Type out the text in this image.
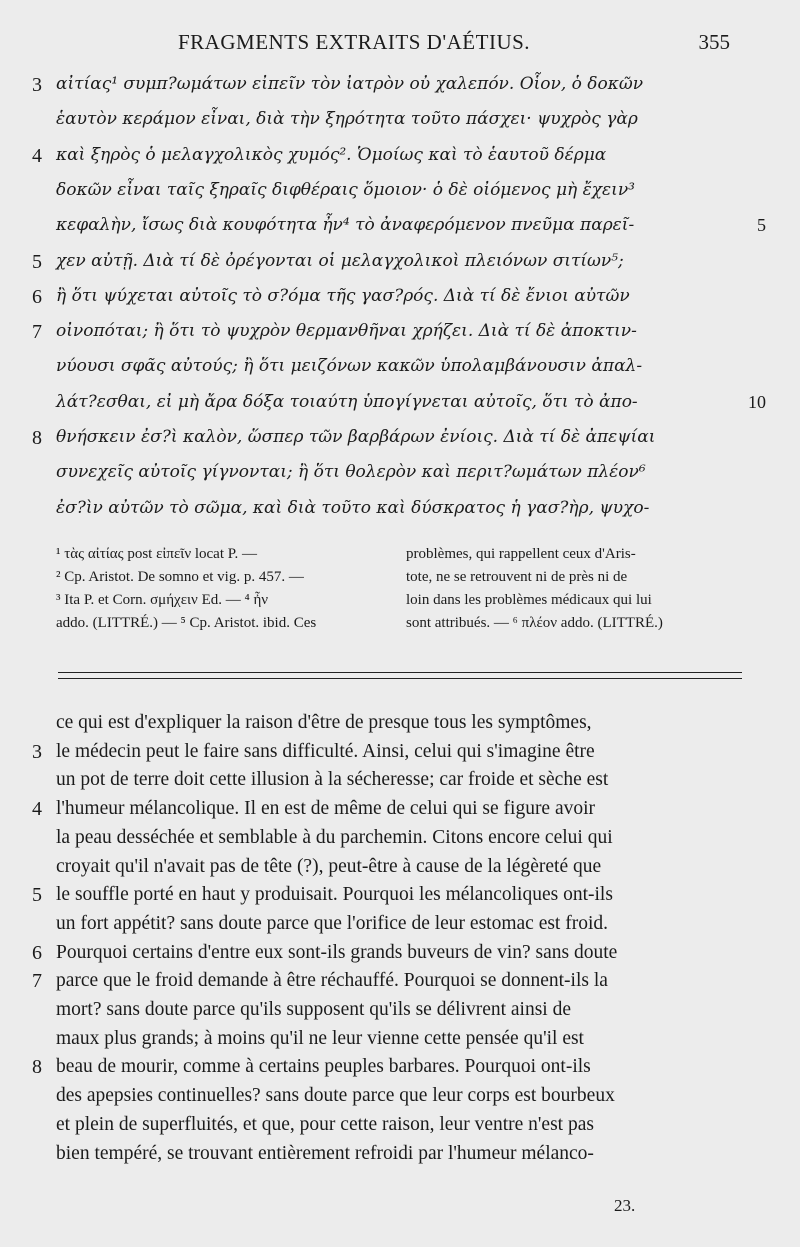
FRAGMENTS EXTRAITS D'AÉTIUS.	355
3 αἰτίας¹ συμπ?ωμάτων εἰπεῖν τὸν ἰατρὸν οὐ χαλεπόν. Οἷον, ὁ δοκῶν
ἑαυτὸν κεράμον εἶναι, διὰ τὴν ξηρότητα τοῦτο πάσχει· ψυχρὸς γὰρ
4 καὶ ξηρὸς ὁ μελαγχολικὸς χυμός². Ὁμοίως καὶ τὸ ἑαυτοῦ δέρμα
δοκῶν εἶναι ταῖς ξηραῖς διφθέραις ὅμοιον· ὁ δὲ οἰόμενος μὴ ἔχειν³
κεφαλὴν, ἴσως διὰ κουφότητα ἦν⁴ τὸ ἀναφερόμενον πνεῦμα παρεῖ-	5
5 χεν αὐτῇ. Διὰ τί δὲ ὀρέγονται οἱ μελαγχολικοὶ πλειόνων σιτίων⁵;
6 ἢ ὅτι ψύχεται αὐτοῖς τὸ σ?όμα τῆς γασ?ρός. Διὰ τί δὲ ἔνιοι αὐτῶν
7 οἰνοπόται; ἢ ὅτι τὸ ψυχρὸν θερμανθῆναι χρήζει. Διὰ τί δὲ ἀποκτιν-
νύουσι σφᾶς αὐτούς; ἢ ὅτι μειζόνων κακῶν ὑπολαμβάνουσιν ἀπαλ-
λάτ?εσθαι, εἰ μὴ ἄρα δόξα τοιαύτη ὑπογίγνεται αὐτοῖς, ὅτι τὸ ἀπο-	10
8 θνήσκειν ἐσ?ὶ καλὸν, ὥσπερ τῶν βαρβάρων ἐνίοις. Διὰ τί δὲ ἀπεψίαι
συνεχεῖς αὐτοῖς γίγνονται; ἢ ὅτι θολερὸν καὶ περιτ?ωμάτων πλέον⁶
ἐσ?ὶν αὐτῶν τὸ σῶμα, καὶ διὰ τοῦτο καὶ δύσκρατος ἡ γασ?ὴρ, ψυχο-
¹ τὰς αἰτίας post εἰπεῖν locat P. —
² Cp. Aristot. De somno et vig. p. 457. —
³ Ita P. et Corn. σμήχειν Ed. — ⁴ ἦν
addo. (LITTRÉ.) — ⁵ Cp. Aristot. ibid. Ces
problèmes, qui rappellent ceux d'Aris-
tote, ne se retrouvent ni de près ni de
loin dans les problèmes médicaux qui lui
sont attribués. — ⁶ πλέον addo. (LITTRÉ.)
ce qui est d'expliquer la raison d'être de presque tous les symptômes,
3 le médecin peut le faire sans difficulté. Ainsi, celui qui s'imagine être
un pot de terre doit cette illusion à la sécheresse; car froide et sèche est
4 l'humeur mélancolique. Il en est de même de celui qui se figure avoir
la peau desséchée et semblable à du parchemin. Citons encore celui qui
croyait qu'il n'avait pas de tête (?), peut-être à cause de la légèreté que
5 le souffle porté en haut y produisait. Pourquoi les mélancoliques ont-ils
un fort appétit? sans doute parce que l'orifice de leur estomac est froid.
6 Pourquoi certains d'entre eux sont-ils grands buveurs de vin? sans doute
7 parce que le froid demande à être réchauffé. Pourquoi se donnent-ils la
mort? sans doute parce qu'ils supposent qu'ils se délivrent ainsi de
maux plus grands; à moins qu'il ne leur vienne cette pensée qu'il est
8 beau de mourir, comme à certains peuples barbares. Pourquoi ont-ils
des apepsies continuelles? sans doute parce que leur corps est bourbeux
et plein de superfluités, et que, pour cette raison, leur ventre n'est pas
bien tempéré, se trouvant entièrement refroidi par l'humeur mélanco-
23.
